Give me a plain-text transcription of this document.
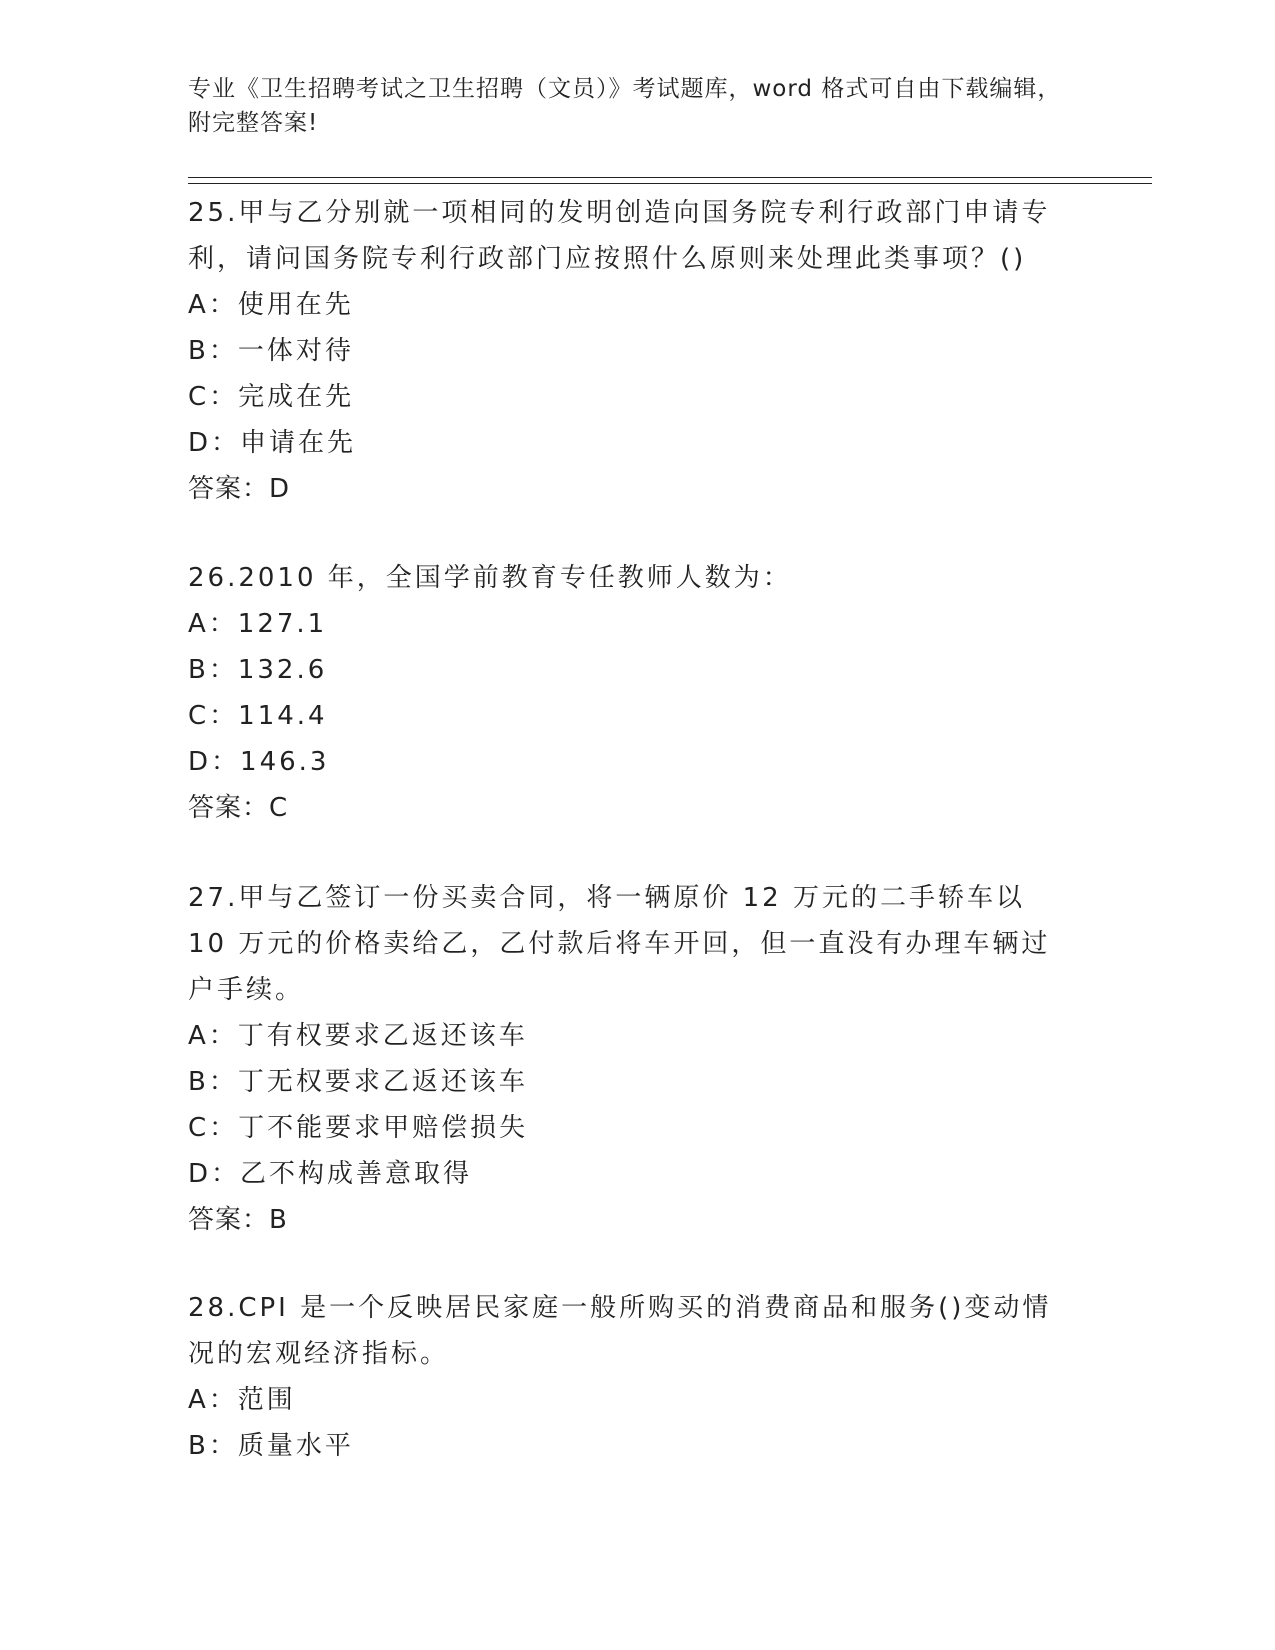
专业《卫生招聘考试之卫生招聘（文员）》考试题库，word 格式可自由下载编辑，附完整答案!

25.甲与乙分别就一项相同的发明创造向国务院专利行政部门申请专利，请问国务院专利行政部门应按照什么原则来处理此类事项？()

A：使用在先

B：一体对待

C：完成在先

D：申请在先

答案：D

26.2010 年，全国学前教育专任教师人数为：

A：127.1

B：132.6

C：114.4

D：146.3

答案：C

27.甲与乙签订一份买卖合同，将一辆原价 12 万元的二手轿车以 10 万元的价格卖给乙，乙付款后将车开回，但一直没有办理车辆过户手续。

A：丁有权要求乙返还该车

B：丁无权要求乙返还该车

C：丁不能要求甲赔偿损失

D：乙不构成善意取得

答案：B

28.CPI 是一个反映居民家庭一般所购买的消费商品和服务()变动情况的宏观经济指标。

A：范围

B：质量水平
